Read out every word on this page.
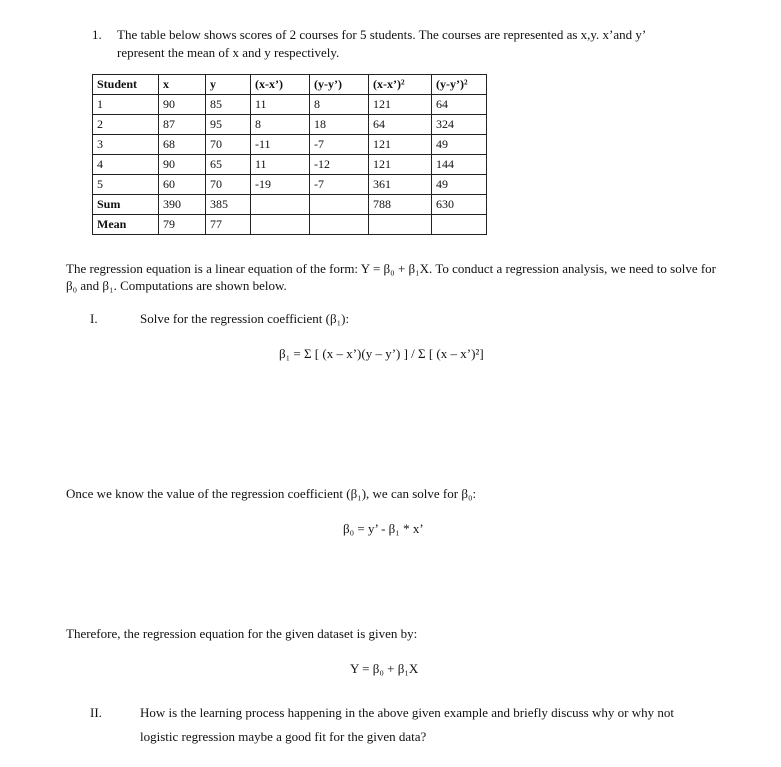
1. The table below shows scores of 2 courses for 5 students. The courses are represented as x,y. x’and y’
represent the mean of x and y respectively.
Student	x	y	(x-x’)	(y-y’)	(x-x’)²	(y-y’)²
1	90	85	11	8	121	64
2	87	95	8	18	64	324
3	68	70	-11	-7	121	49
4	90	65	11	-12	121	144
5	60	70	-19	-7	361	49
Sum	390	385			788	630
Mean	79	77				
The regression equation is a linear equation of the form: Y = β₀ + β₁X. To conduct a regression analysis, we need to solve for β₀ and β₁. Computations are shown below.
I.	Solve for the regression coefficient (β₁):
β₁ = Σ [ (x – x’)(y – y’) ] / Σ [ (x – x’)²]
Once we know the value of the regression coefficient (β₁), we can solve for β₀:
β₀ = y’ - β₁ * x’
Therefore, the regression equation for the given dataset is given by:
Y = β₀ + β₁X
II.	How is the learning process happening in the above given example and briefly discuss why or why not
logistic regression maybe a good fit for the given data?
